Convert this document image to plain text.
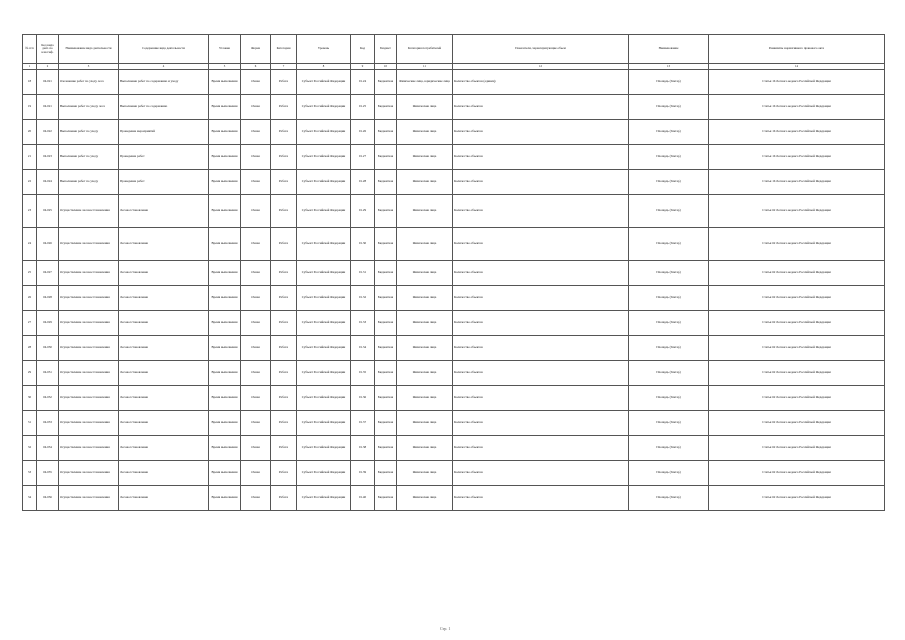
№ п/п	Код вида деят. по классиф.	Наименование вида деятельности	Содержание вида деятельности	Условие	Форма	Категория	Уровень	Код	Бюджет	Категория потребителей	Показатели, характеризующие объем	Наименование	Реквизиты нормативного правового акта
1	2	3	4	5	6	7	8	9	10	11	12	13	14
18	04.021	Озеленение работ по уходу леса	Выполнение работ по содержанию и уходу	Время выполнения	Очная	Работа	Субъект Российской Федерации	01.24	Бюджетная	Физические лица, юридические лица	Количество объектов (единиц)	Площадь (Гектар)	Статья 16 Лесного кодекса Российской Федерации
19	04.021	Выполнение работ по уходу леса	Выполнение работ по содержанию	Время выполнения	Очная	Работа	Субъект Российской Федерации	01.25	Бюджетная	Физические лица	Количество объектов	Площадь (Гектар)	Статья 16 Лесного кодекса Российской Федерации
20	04.022	Выполнение работ по уходу	Проведение мероприятий	Время выполнения	Очная	Работа	Субъект Российской Федерации	01.26	Бюджетная	Физические лица	Количество объектов	Площадь (Гектар)	Статья 16 Лесного кодекса Российской Федерации
21	04.023	Выполнение работ по уходу	Проведение работ	Время выполнения	Очная	Работа	Субъект Российской Федерации	01.27	Бюджетная	Физические лица	Количество объектов	Площадь (Гектар)	Статья 16 Лесного кодекса Российской Федерации
22	04.024	Выполнение работ по уходу	Проведение работ	Время выполнения	Очная	Работа	Субъект Российской Федерации	01.28	Бюджетная	Физические лица	Количество объектов	Площадь (Гектар)	Статья 16 Лесного кодекса Российской Федерации
23	04.025	Осуществление лесовосстановления	Лесовосстановление	Время выполнения	Очная	Работа	Субъект Российской Федерации	01.29	Бюджетная	Физические лица	Количество объектов	Площадь (Гектар)	Статья 62 Лесного кодекса Российской Федерации
24	04.026	Осуществление лесовосстановления	Лесовосстановление	Время выполнения	Очная	Работа	Субъект Российской Федерации	01.30	Бюджетная	Физические лица	Количество объектов	Площадь (Гектар)	Статья 62 Лесного кодекса Российской Федерации
25	04.027	Осуществление лесовосстановления	Лесовосстановление	Время выполнения	Очная	Работа	Субъект Российской Федерации	01.31	Бюджетная	Физические лица	Количество объектов	Площадь (Гектар)	Статья 62 Лесного кодекса Российской Федерации
26	04.028	Осуществление лесовосстановления	Лесовосстановление	Время выполнения	Очная	Работа	Субъект Российской Федерации	01.32	Бюджетная	Физические лица	Количество объектов	Площадь (Гектар)	Статья 62 Лесного кодекса Российской Федерации
27	04.029	Осуществление лесовосстановления	Лесовосстановление	Время выполнения	Очная	Работа	Субъект Российской Федерации	01.33	Бюджетная	Физические лица	Количество объектов	Площадь (Гектар)	Статья 62 Лесного кодекса Российской Федерации
28	04.030	Осуществление лесовосстановления	Лесовосстановление	Время выполнения	Очная	Работа	Субъект Российской Федерации	01.34	Бюджетная	Физические лица	Количество объектов	Площадь (Гектар)	Статья 62 Лесного кодекса Российской Федерации
29	04.031	Осуществление лесовосстановления	Лесовосстановление	Время выполнения	Очная	Работа	Субъект Российской Федерации	01.35	Бюджетная	Физические лица	Количество объектов	Площадь (Гектар)	Статья 62 Лесного кодекса Российской Федерации
30	04.032	Осуществление лесовосстановления	Лесовосстановление	Время выполнения	Очная	Работа	Субъект Российской Федерации	01.36	Бюджетная	Физические лица	Количество объектов	Площадь (Гектар)	Статья 62 Лесного кодекса Российской Федерации
31	04.033	Осуществление лесовосстановления	Лесовосстановление	Время выполнения	Очная	Работа	Субъект Российской Федерации	01.37	Бюджетная	Физические лица	Количество объектов	Площадь (Гектар)	Статья 62 Лесного кодекса Российской Федерации
32	04.034	Осуществление лесовосстановления	Лесовосстановление	Время выполнения	Очная	Работа	Субъект Российской Федерации	01.38	Бюджетная	Физические лица	Количество объектов	Площадь (Гектар)	Статья 62 Лесного кодекса Российской Федерации
33	04.035	Осуществление лесовосстановления	Лесовосстановление	Время выполнения	Очная	Работа	Субъект Российской Федерации	01.39	Бюджетная	Физические лица	Количество объектов	Площадь (Гектар)	Статья 62 Лесного кодекса Российской Федерации
34	04.036	Осуществление лесовосстановления	Лесовосстановление	Время выполнения	Очная	Работа	Субъект Российской Федерации	01.40	Бюджетная	Физические лица	Количество объектов	Площадь (Гектар)	Статья 62 Лесного кодекса Российской Федерации
Стр. 1
